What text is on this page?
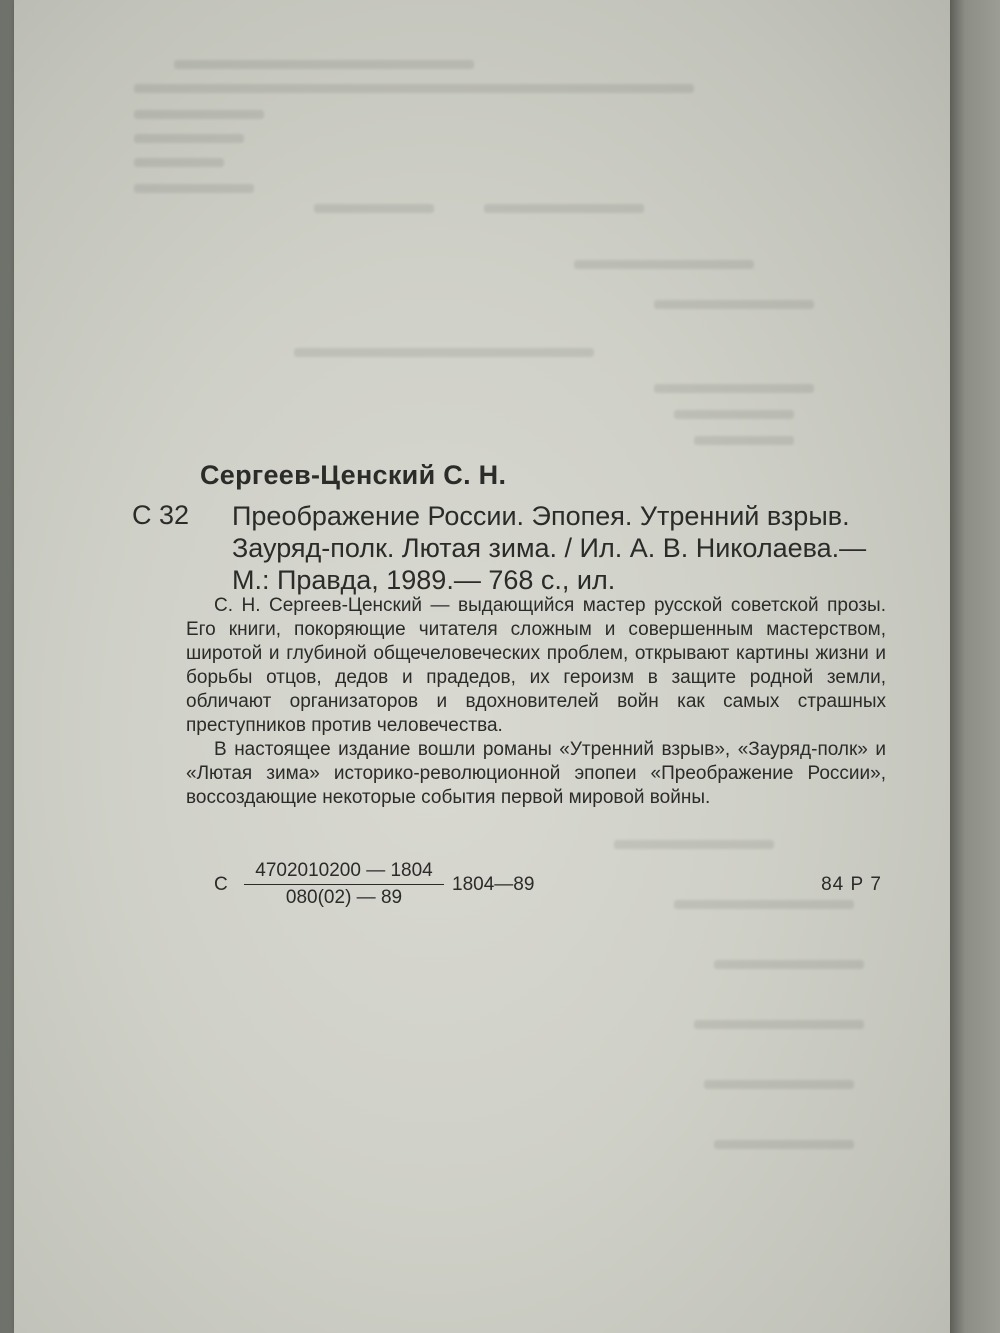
Сергеев-Ценский С. Н.
С 32 Преображение России. Эпопея. Утренний взрыв.
Зауряд-полк. Лютая зима. / Ил. А. В. Николаева.—
М.: Правда, 1989.— 768 с., ил.

С. Н. Сергеев-Ценский — выдающийся мастер русской советской прозы. Его книги, покоряющие читателя сложным и совершенным мастерством, широтой и глубиной общечеловеческих проблем, открывают картины жизни и борьбы отцов, дедов и прадедов, их героизм в защите родной земли, обличают организаторов и вдохновителей войн как самых страшных преступников против человечества.

В настоящее издание вошли романы «Утренний взрыв», «Зауряд-полк» и «Лютая зима» историко-революционной эпопеи «Преображение России», воссоздающие некоторые события первой мировой войны.

С $\frac{4702010200 — 1804}{080(02) — 89}$ 1804—89	84 Р 7
